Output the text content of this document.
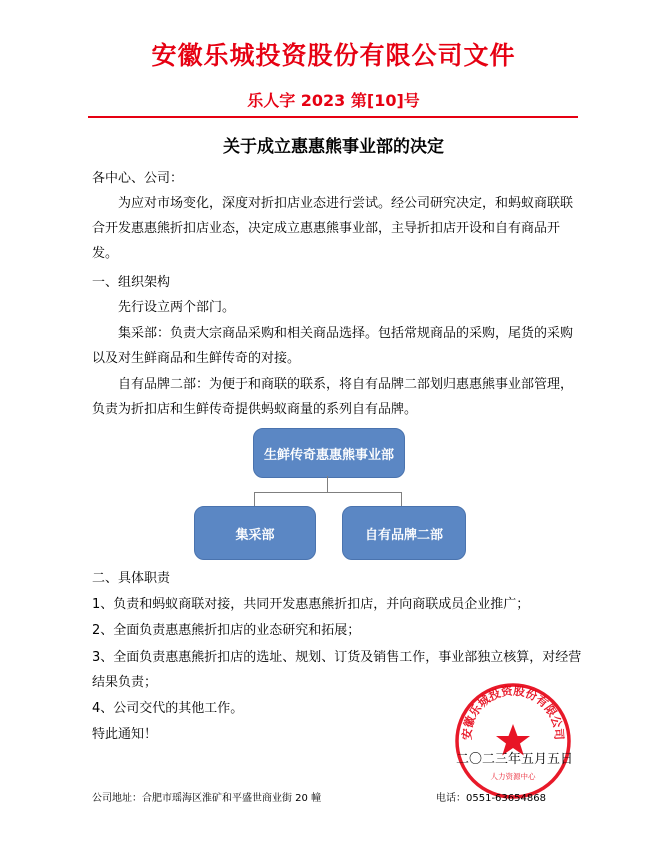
安徽乐城投资股份有限公司文件
乐人字 2023 第[10]号
关于成立惠惠熊事业部的决定
各中心、公司：
为应对市场变化，深度对折扣店业态进行尝试。经公司研究决定，和蚂蚁商联联合开发惠惠熊折扣店业态，决定成立惠惠熊事业部，主导折扣店开设和自有商品开发。
一、组织架构
先行设立两个部门。
集采部：负责大宗商品采购和相关商品选择。包括常规商品的采购，尾货的采购以及对生鲜商品和生鲜传奇的对接。
自有品牌二部：为便于和商联的联系，将自有品牌二部划归惠惠熊事业部管理，负责为折扣店和生鲜传奇提供蚂蚁商量的系列自有品牌。
生鲜传奇惠惠熊事业部
集采部	自有品牌二部
二、具体职责
1、负责和蚂蚁商联对接，共同开发惠惠熊折扣店，并向商联成员企业推广；
2、全面负责惠惠熊折扣店的业态研究和拓展；
3、全面负责惠惠熊折扣店的选址、规划、订货及销售工作，事业部独立核算，对经营结果负责；
4、公司交代的其他工作。
特此通知！	安徽乐城投资股份有限公司
人力资源中心
二〇二三年五月五日
公司地址：合肥市瑶海区淮矿和平盛世商业街 20 幢	电话：0551-63654868
